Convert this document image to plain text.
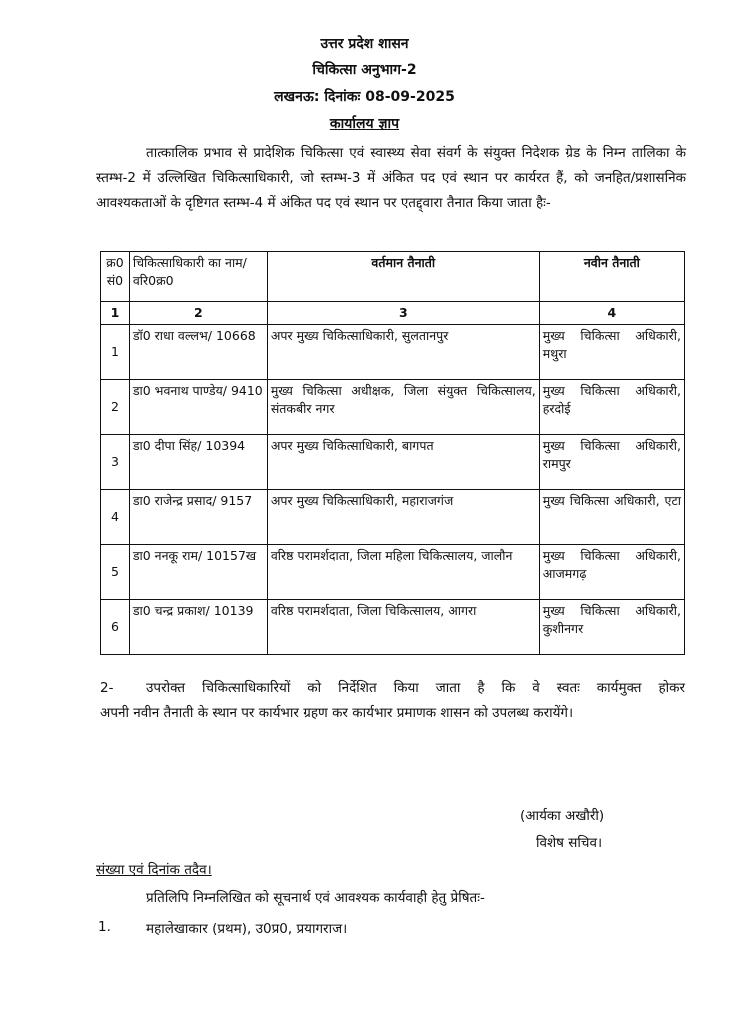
उत्तर प्रदेश शासन
चिकित्सा अनुभाग-2
लखनऊ: दिनांकः 08-09-2025
कार्यालय ज्ञाप
तात्कालिक प्रभाव से प्रादेशिक चिकित्सा एवं स्वास्थ्य सेवा संवर्ग के संयुक्त निदेशक ग्रेड के निम्न तालिका के स्तम्भ-2 में उल्लिखित चिकित्साधिकारी, जो स्तम्भ-3 में अंकित पद एवं स्थान पर कार्यरत हैं, को जनहित/प्रशासनिक आवश्यकताओं के दृष्टिगत स्तम्भ-4 में अंकित पद एवं स्थान पर एतद्द्वारा तैनात किया जाता हैः-
क्र0 सं0	चिकित्साधिकारी का नाम/ वरि0क्र0	वर्तमान तैनाती	नवीन तैनाती
1	2	3	4
1	डॉ0 राधा वल्लभ/ 10668	अपर मुख्य चिकित्साधिकारी, सुलतानपुर	मुख्य चिकित्सा अधिकारी, मथुरा
2	डा0 भवनाथ पाण्डेय/ 9410	मुख्य चिकित्सा अधीक्षक, जिला संयुक्त चिकित्सालय, संतकबीर नगर	मुख्य चिकित्सा अधिकारी, हरदोई
3	डा0 दीपा सिंह/ 10394	अपर मुख्य चिकित्साधिकारी, बागपत	मुख्य चिकित्सा अधिकारी, रामपुर
4	डा0 राजेन्द्र प्रसाद/ 9157	अपर मुख्य चिकित्साधिकारी, महाराजगंज	मुख्य चिकित्सा अधिकारी, एटा
5	डा0 ननकू राम/ 10157ख	वरिष्ठ परामर्शदाता, जिला महिला चिकित्सालय, जालौन	मुख्य चिकित्सा अधिकारी, आजमगढ़
6	डा0 चन्द्र प्रकाश/ 10139	वरिष्ठ परामर्शदाता, जिला चिकित्सालय, आगरा	मुख्य चिकित्सा अधिकारी, कुशीनगर
2- उपरोक्त चिकित्साधिकारियों को निर्देशित किया जाता है कि वे स्वतः कार्यमुक्त होकर
अपनी नवीन तैनाती के स्थान पर कार्यभार ग्रहण कर कार्यभार प्रमाणक शासन को उपलब्ध करायेंगे।
(आर्यका अखौरी)
विशेष सचिव।
संख्या एवं दिनांक तदैव।
प्रतिलिपि निम्नलिखित को सूचनार्थ एवं आवश्यक कार्यवाही हेतु प्रेषितः-
1.	महालेखाकार (प्रथम), उ0प्र0, प्रयागराज।
